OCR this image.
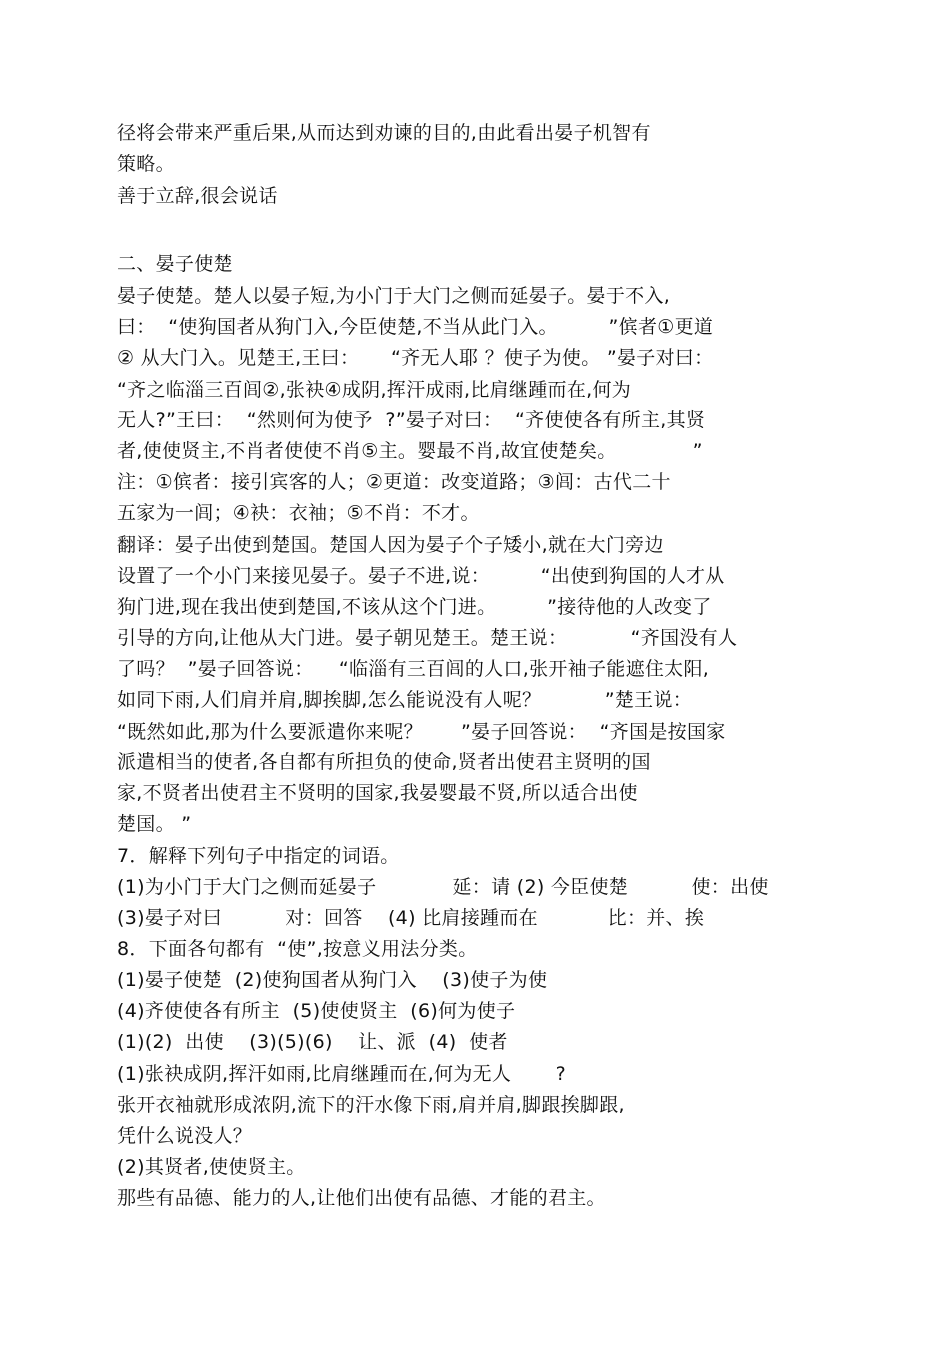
径将会带来严重后果,从而达到劝谏的目的,由此看出晏子机智有
策略。
善于立辞,很会说话
二、晏子使楚
晏子使楚。楚人以晏子短,为小门于大门之侧而延晏子。晏于不入,
曰：  “使狗国者从狗门入,今臣使楚,不当从此门入。        ”傧者①更道
② 从大门入。见楚王,王曰：     “齐无人耶 ？使子为使。 ”晏子对曰：
“齐之临淄三百闾②,张袂④成阴,挥汗成雨,比肩继踵而在,何为
无人?”王曰：  “然则何为使予  ?”晏子对曰：  “齐使使各有所主,其贤
者,使使贤主,不肖者使使不肖⑤主。婴最不肖,故宜使楚矣。            ”
注：①傧者：接引宾客的人；②更道：改变道路；③闾：古代二十
五家为一闾；④袂：衣袖；⑤不肖：不才。
翻译：晏子出使到楚国。楚国人因为晏子个子矮小,就在大门旁边
设置了一个小门来接见晏子。晏子不进,说：        “出使到狗国的人才从
狗门进,现在我出使到楚国,不该从这个门进。        ”接待他的人改变了
引导的方向,让他从大门进。晏子朝见楚王。楚王说：          “齐国没有人
了吗？  ”晏子回答说：    “临淄有三百闾的人口,张开袖子能遮住太阳,
如同下雨,人们肩并肩,脚挨脚,怎么能说没有人呢？          ”楚王说：
“既然如此,那为什么要派遣你来呢？      ”晏子回答说：  “齐国是按国家
派遣相当的使者,各自都有所担负的使命,贤者出使君主贤明的国
家,不贤者出使君主不贤明的国家,我晏婴最不贤,所以适合出使
楚国。 ”
7．解释下列句子中指定的词语。
(1)为小门于大门之侧而延晏子            延：请 (2) 今臣使楚          使：出使
(3)晏子对曰          对：回答    (4) 比肩接踵而在           比：并、挨
8．下面各句都有  “使”,按意义用法分类。
(1)晏子使楚  (2)使狗国者从狗门入    (3)使子为使
(4)齐使使各有所主  (5)使使贤主  (6)何为使子
(1)(2)  出使    (3)(5)(6)    让、派  (4)  使者
(1)张袂成阴,挥汗如雨,比肩继踵而在,何为无人       ?
张开衣袖就形成浓阴,流下的汗水像下雨,肩并肩,脚跟挨脚跟,
凭什么说没人？
(2)其贤者,使使贤主。
那些有品德、能力的人,让他们出使有品德、才能的君主。
